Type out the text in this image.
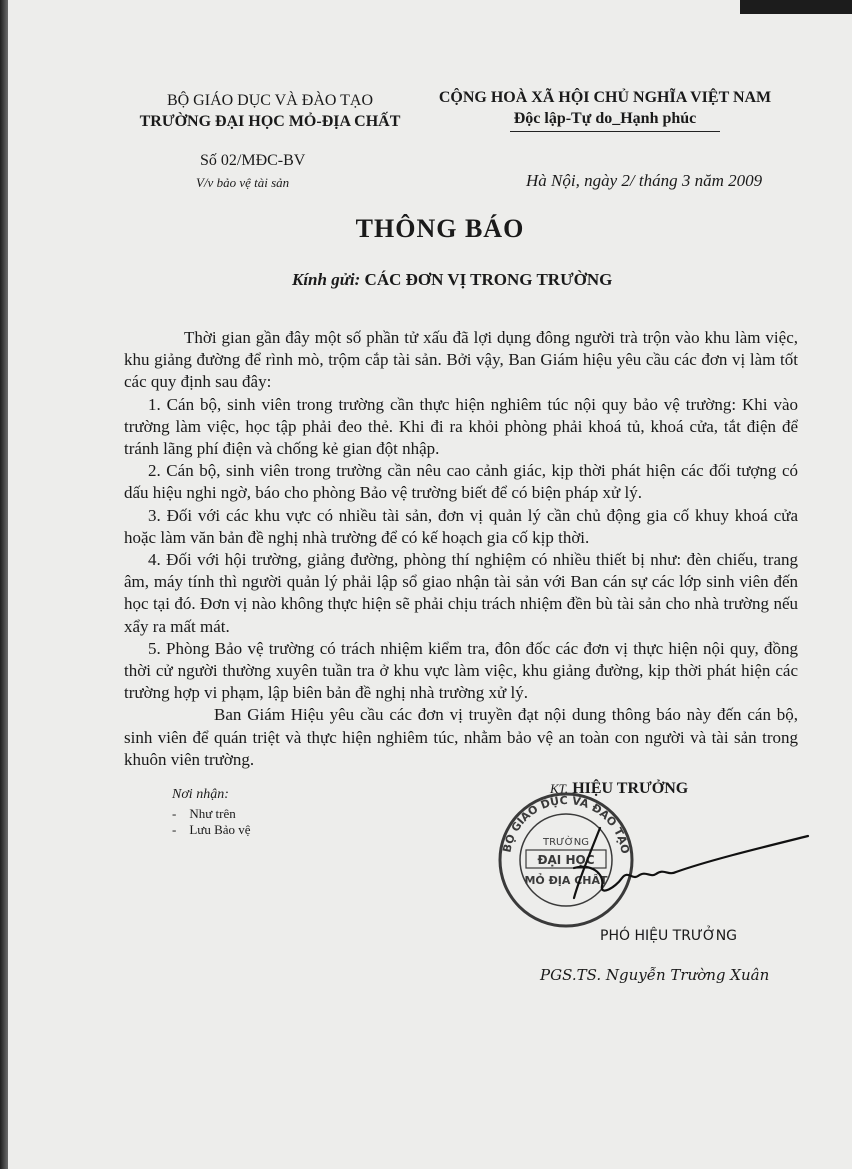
BỘ GIÁO DỤC VÀ ĐÀO TẠO
TRƯỜNG ĐẠI HỌC MỎ-ĐỊA CHẤT
Số 02/MĐC-BV
V/v bảo vệ tài sản
CỘNG HOÀ XÃ HỘI CHỦ NGHĨA VIỆT NAM
Độc lập-Tự do_Hạnh phúc
Hà Nội, ngày 2/ tháng 3 năm 2009
THÔNG BÁO
Kính gửi: CÁC ĐƠN VỊ TRONG TRƯỜNG

Thời gian gần đây một số phần tử xấu đã lợi dụng đông người trà trộn vào khu làm việc, khu giảng đường để rình mò, trộm cắp tài sản. Bởi vậy, Ban Giám hiệu yêu cầu các đơn vị làm tốt các quy định sau đây:

1. Cán bộ, sinh viên trong trường cần thực hiện nghiêm túc nội quy bảo vệ trường: Khi vào trường làm việc, học tập phải đeo thẻ. Khi đi ra khỏi phòng phải khoá tủ, khoá cửa, tắt điện để tránh lãng phí điện và chống kẻ gian đột nhập.

2. Cán bộ, sinh viên trong trường cần nêu cao cảnh giác, kịp thời phát hiện các đối tượng có dấu hiệu nghi ngờ, báo cho phòng Bảo vệ trường biết để có biện pháp xử lý.

3. Đối với các khu vực có nhiều tài sản, đơn vị quản lý cần chủ động gia cố khuy khoá cửa hoặc làm văn bản đề nghị nhà trường để có kế hoạch gia cố kịp thời.

4. Đối với hội trường, giảng đường, phòng thí nghiệm có nhiều thiết bị như: đèn chiếu, trang âm, máy tính thì người quản lý phải lập sổ giao nhận tài sản với Ban cán sự các lớp sinh viên đến học tại đó. Đơn vị nào không thực hiện sẽ phải chịu trách nhiệm đền bù tài sản cho nhà trường nếu xẩy ra mất mát.

5. Phòng Bảo vệ trường có trách nhiệm kiểm tra, đôn đốc các đơn vị thực hiện nội quy, đồng thời cử người thường xuyên tuần tra ở khu vực làm việc, khu giảng đường, kịp thời phát hiện các trường hợp vi phạm, lập biên bản đề nghị nhà trường xử lý.

Ban Giám Hiệu yêu cầu các đơn vị truyền đạt nội dung thông báo này đến cán bộ, sinh viên để quán triệt và thực hiện nghiêm túc, nhằm bảo vệ an toàn con người và tài sản trong khuôn viên trường.

Nơi nhận:
-    Như trên
-    Lưu Bảo vệ
KT. HIỆU TRƯỞNG
BỘ GIÁO DỤC VÀ ĐÀO TẠO
TRƯỜNG
ĐẠI HỌC
MỎ ĐỊA CHẤT
PHÓ HIỆU TRƯỞNG
PGS.TS. Nguyễn Trường Xuân
